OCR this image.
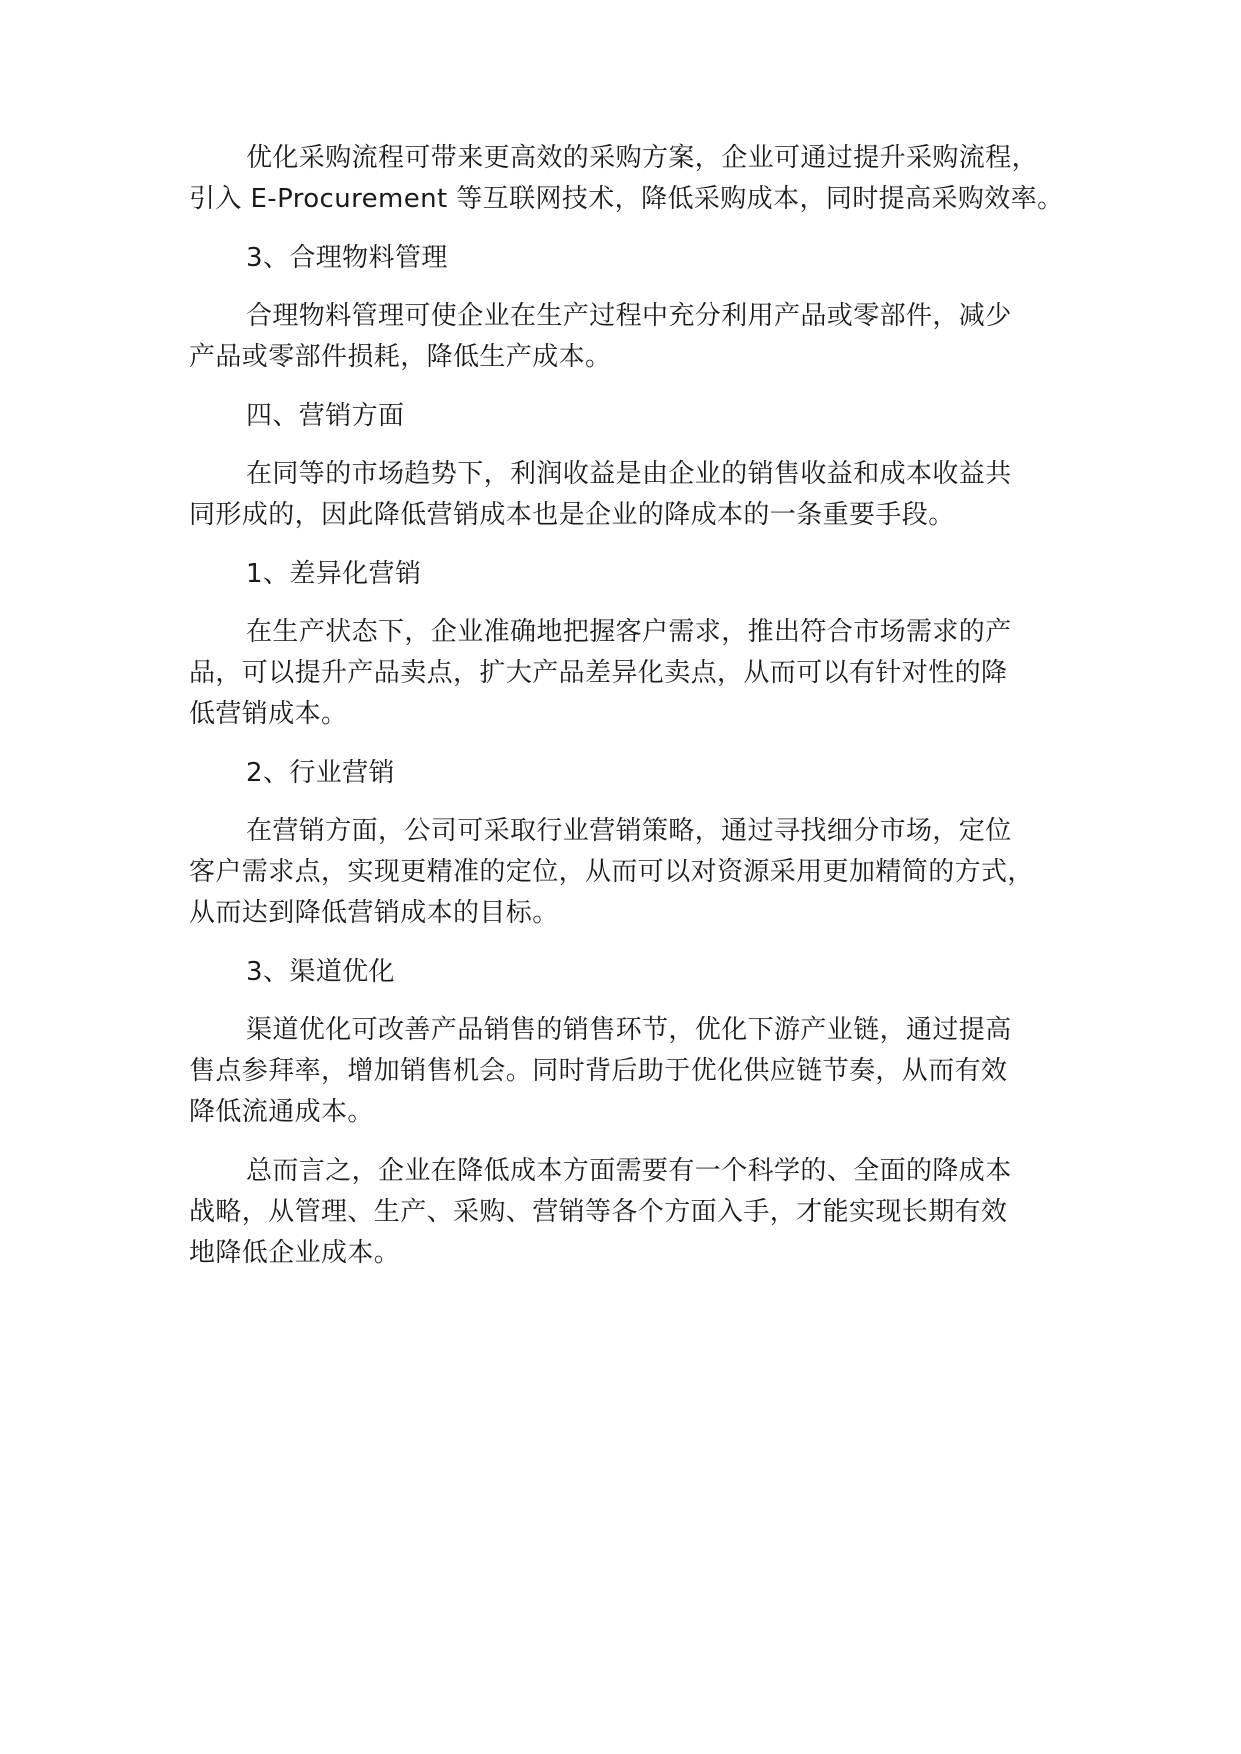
优化采购流程可带来更高效的采购方案，企业可通过提升采购流程，
引入 E-Procurement 等互联网技术，降低采购成本，同时提高采购效率。
3、合理物料管理
合理物料管理可使企业在生产过程中充分利用产品或零部件，减少
产品或零部件损耗，降低生产成本。
四、营销方面
在同等的市场趋势下，利润收益是由企业的销售收益和成本收益共
同形成的，因此降低营销成本也是企业的降成本的一条重要手段。
1、差异化营销
在生产状态下，企业准确地把握客户需求，推出符合市场需求的产
品，可以提升产品卖点，扩大产品差异化卖点，从而可以有针对性的降
低营销成本。
2、行业营销
在营销方面，公司可采取行业营销策略，通过寻找细分市场，定位
客户需求点，实现更精准的定位，从而可以对资源采用更加精简的方式，
从而达到降低营销成本的目标。
3、渠道优化
渠道优化可改善产品销售的销售环节，优化下游产业链，通过提高
售点参拜率，增加销售机会。同时背后助于优化供应链节奏，从而有效
降低流通成本。
总而言之，企业在降低成本方面需要有一个科学的、全面的降成本
战略，从管理、生产、采购、营销等各个方面入手，才能实现长期有效
地降低企业成本。
